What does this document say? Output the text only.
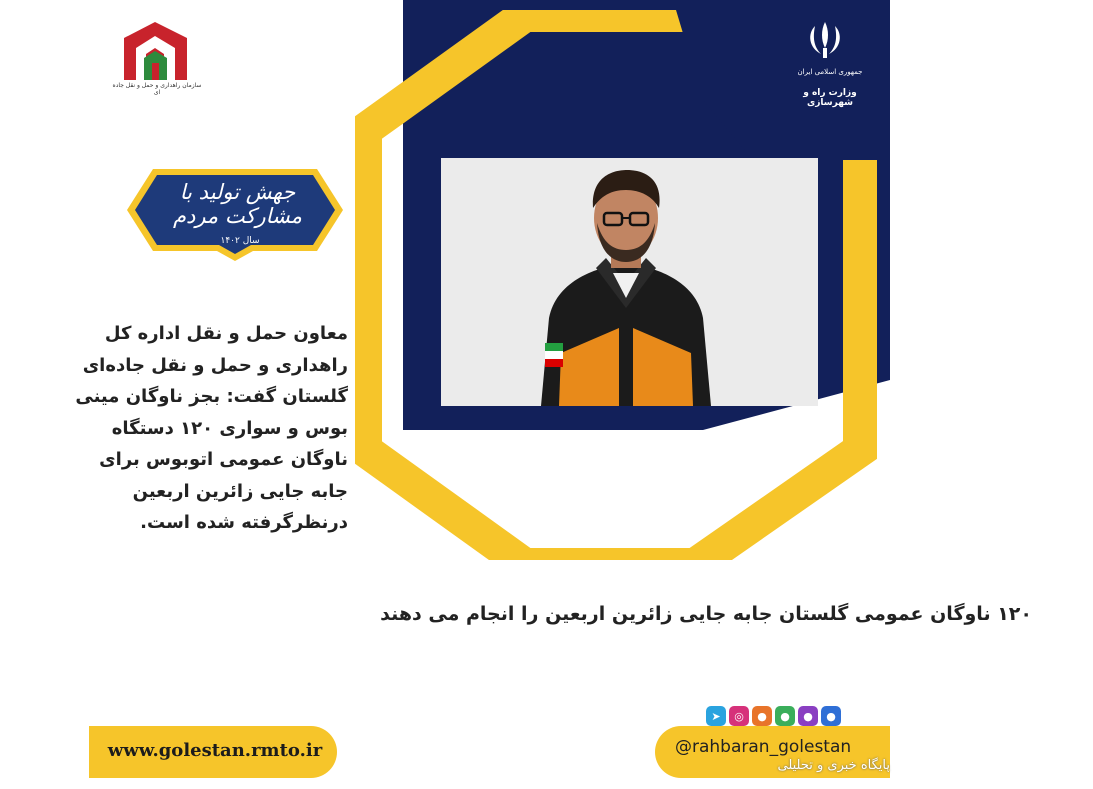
سازمان راهداری و حمل و نقل جاده ای
جمهوری اسلامی ایران
وزارت راه و شهرسازی
جهش تولید با مشارکت مردم
سال ۱۴۰۲
معاون حمل و نقل اداره کل راهداری و حمل و نقل جاده‌ای گلستان گفت: بجز ناوگان مینی بوس و سواری ۱۲۰ دستگاه ناوگان عمومی اتوبوس برای جابه جایی زائرین اربعین درنظرگرفته شده است.
۱۲۰ ناوگان عمومی گلستان جابه جایی زائرین اربعین را انجام می دهند
www.golestan.rmto.ir
➤	◎	●	●	●	●
@rahbaran_golestan
پایگاه خبری و تحلیلی
